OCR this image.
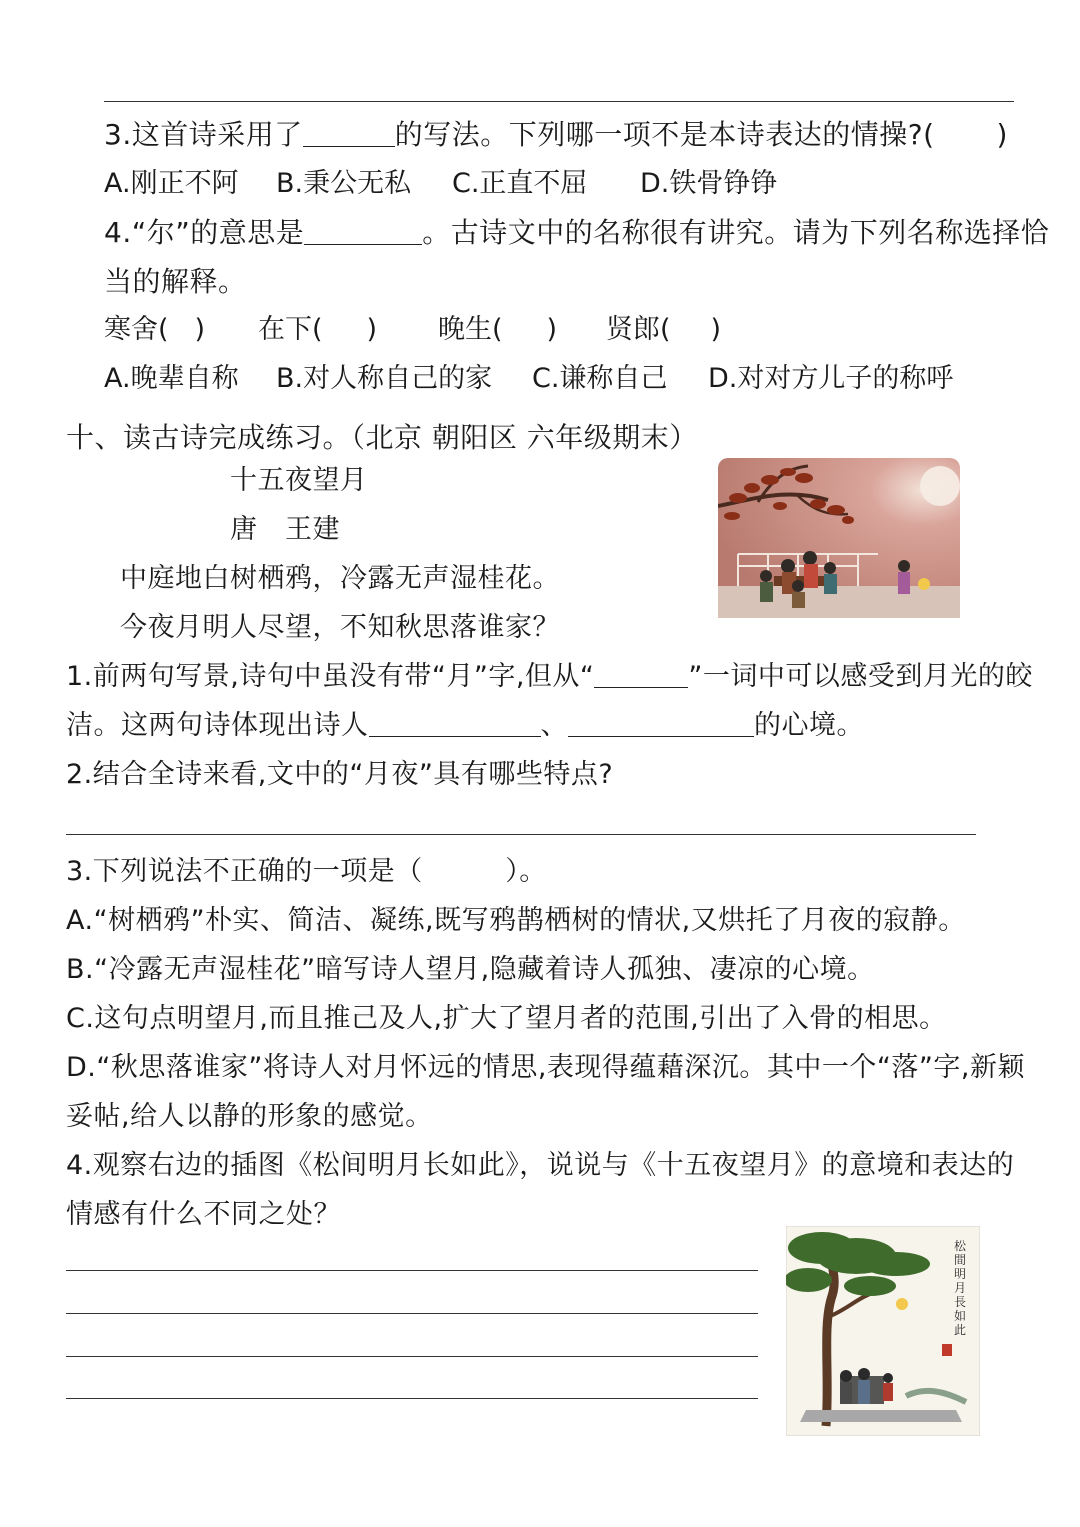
3.这首诗采用了	的写法。下列哪一项不是本诗表达的情操?( )
A.刚正不阿 B.秉公无私 C.正直不屈 D.铁骨铮铮
4.“尔”的意思是	。古诗文中的名称很有讲究。请为下列名称选择恰
当的解释。
寒舍( ) 在下( ) 晚生( ) 贤郎( )
A.晚辈自称 B.对人称自己的家 C.谦称自己 D.对对方儿子的称呼
十、读古诗完成练习。（北京 朝阳区 六年级期末）
十五夜望月
唐　王建
中庭地白树栖鸦，冷露无声湿桂花。
今夜月明人尽望，不知秋思落谁家？
1.前两句写景,诗句中虽没有带“月”字,但从“	”一词中可以感受到月光的皎
洁。这两句诗体现出诗人	、	的心境。
2.结合全诗来看,文中的“月夜”具有哪些特点?
3.下列说法不正确的一项是（　　　）。
A.“树栖鸦”朴实、简洁、凝练,既写鸦鹊栖树的情状,又烘托了月夜的寂静。
B.“冷露无声湿桂花”暗写诗人望月,隐藏着诗人孤独、凄凉的心境。
C.这句点明望月,而且推己及人,扩大了望月者的范围,引出了入骨的相思。
D.“秋思落谁家”将诗人对月怀远的情思,表现得蕴藉深沉。其中一个“落”字,新颖
妥帖,给人以静的形象的感觉。
4.观察右边的插图《松间明月长如此》，说说与《十五夜望月》的意境和表达的
情感有什么不同之处？
松間 明月 長如 此
